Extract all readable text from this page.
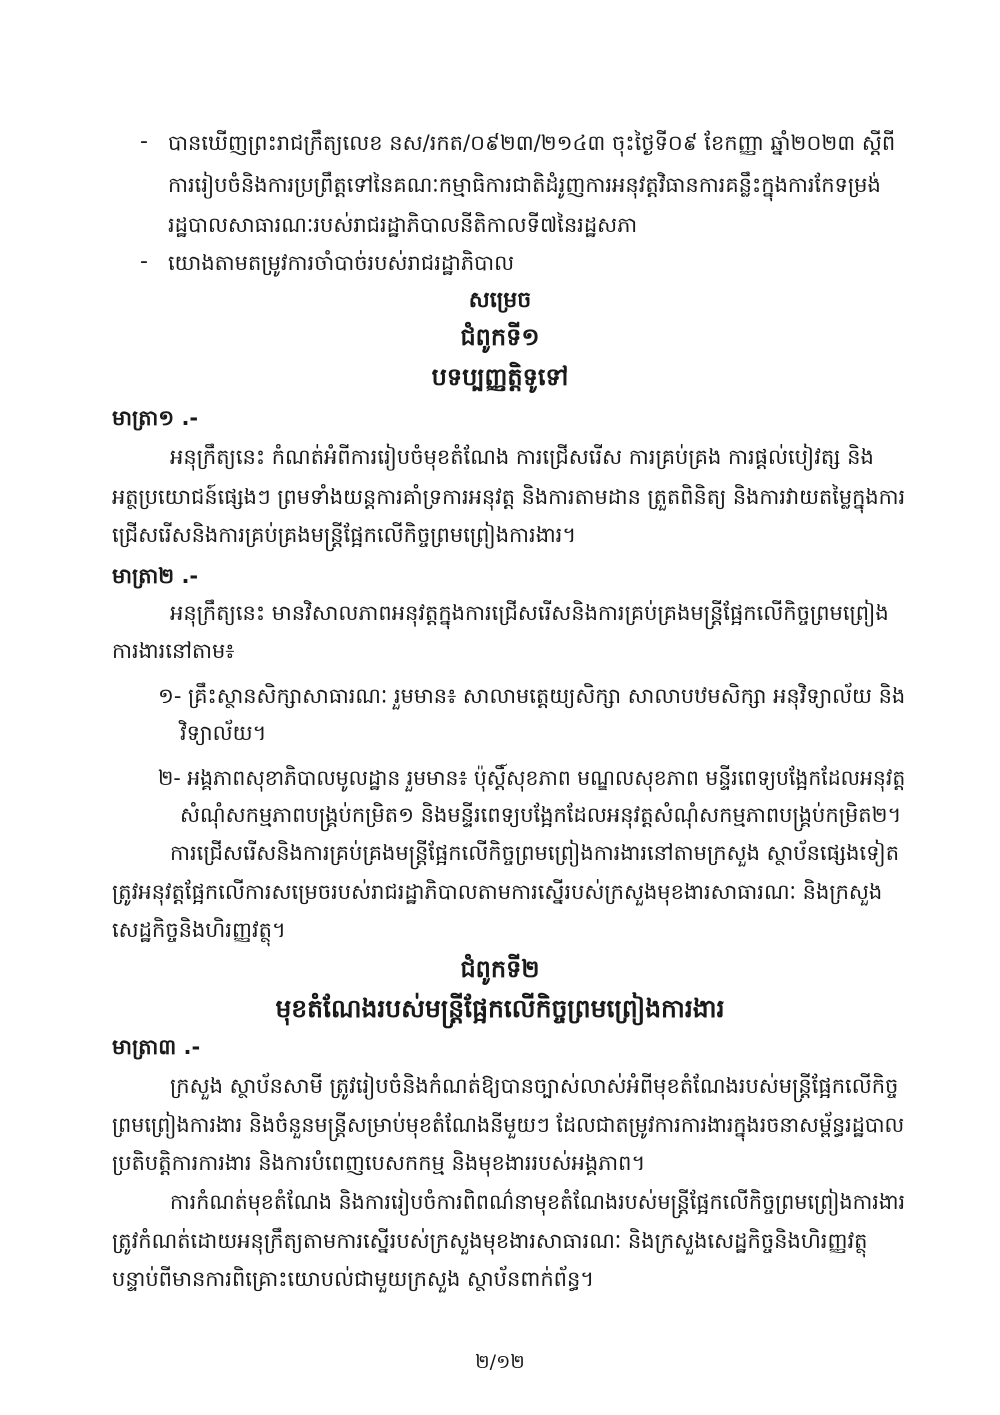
- បានឃើញព្រះរាជក្រឹត្យលេខ នស/រកត/០៩២៣/២១៤៣ ចុះថ្ងៃទី០៩ ខែកញ្ញា ឆ្នាំ២០២៣ ស្តីពី
ការរៀបចំនិងការប្រព្រឹត្តទៅនៃគណៈកម្មាធិការជាតិដំរូញការអនុវត្តវិធានការគន្លឹះក្នុងការកែទម្រង់
រដ្ឋបាលសាធារណៈរបស់រាជរដ្ឋាភិបាលនីតិកាលទី៧នៃរដ្ឋសភា
- យោងតាមតម្រូវការចាំបាច់របស់រាជរដ្ឋាភិបាល
សម្រេច
ជំពូកទី១
បទប្បញ្ញត្តិទូទៅ
មាត្រា១ .-
អនុក្រឹត្យនេះ កំណត់អំពីការរៀបចំមុខតំណែង ការជ្រើសរើស ការគ្រប់គ្រង ការផ្តល់បៀវត្ស និង
អត្ថប្រយោជន៍ផ្សេងៗ ព្រមទាំងយន្តការគាំទ្រការអនុវត្ត និងការតាមដាន ត្រួតពិនិត្យ និងការវាយតម្លៃក្នុងការ
ជ្រើសរើសនិងការគ្រប់គ្រងមន្ត្រីផ្អែកលើកិច្ចព្រមព្រៀងការងារ។
មាត្រា២ .-
អនុក្រឹត្យនេះ មានវិសាលភាពអនុវត្តក្នុងការជ្រើសរើសនិងការគ្រប់គ្រងមន្ត្រីផ្អែកលើកិច្ចព្រមព្រៀង
ការងារនៅតាម៖
១- គ្រឹះស្ថានសិក្សាសាធារណៈ រួមមាន៖ សាលាមត្តេយ្យសិក្សា សាលាបឋមសិក្សា អនុវិទ្យាល័យ និង
វិទ្យាល័យ។
២- អង្គភាពសុខាភិបាលមូលដ្ឋាន រួមមាន៖ ប៉ុស្តិ៍សុខភាព មណ្ឌលសុខភាព មន្ទីរពេទ្យបង្អែកដែលអនុវត្ត
សំណុំសកម្មភាពបង្គ្រប់កម្រិត១ និងមន្ទីរពេទ្យបង្អែកដែលអនុវត្តសំណុំសកម្មភាពបង្គ្រប់កម្រិត២។
ការជ្រើសរើសនិងការគ្រប់គ្រងមន្ត្រីផ្អែកលើកិច្ចព្រមព្រៀងការងារនៅតាមក្រសួង ស្ថាប័នផ្សេងទៀត
ត្រូវអនុវត្តផ្អែកលើការសម្រេចរបស់រាជរដ្ឋាភិបាលតាមការស្នើរបស់ក្រសួងមុខងារសាធារណៈ និងក្រសួង
សេដ្ឋកិច្ចនិងហិរញ្ញវត្ថុ។
ជំពូកទី២
មុខតំណែងរបស់មន្ត្រីផ្អែកលើកិច្ចព្រមព្រៀងការងារ
មាត្រា៣ .-
ក្រសួង ស្ថាប័នសាមី ត្រូវរៀបចំនិងកំណត់ឱ្យបានច្បាស់លាស់អំពីមុខតំណែងរបស់មន្ត្រីផ្អែកលើកិច្ច
ព្រមព្រៀងការងារ និងចំនួនមន្ត្រីសម្រាប់មុខតំណែងនីមួយៗ ដែលជាតម្រូវការការងារក្នុងរចនាសម្ព័ន្ធរដ្ឋបាល
ប្រតិបត្តិការការងារ និងការបំពេញបេសកកម្ម និងមុខងាររបស់អង្គភាព។
ការកំណត់មុខតំណែង និងការរៀបចំការពិពណ៌នាមុខតំណែងរបស់មន្ត្រីផ្អែកលើកិច្ចព្រមព្រៀងការងារ
ត្រូវកំណត់ដោយអនុក្រឹត្យតាមការស្នើរបស់ក្រសួងមុខងារសាធារណៈ និងក្រសួងសេដ្ឋកិច្ចនិងហិរញ្ញវត្ថុ
បន្ទាប់ពីមានការពិគ្រោះយោបល់ជាមួយក្រសួង ស្ថាប័នពាក់ព័ន្ធ។
២/១២
